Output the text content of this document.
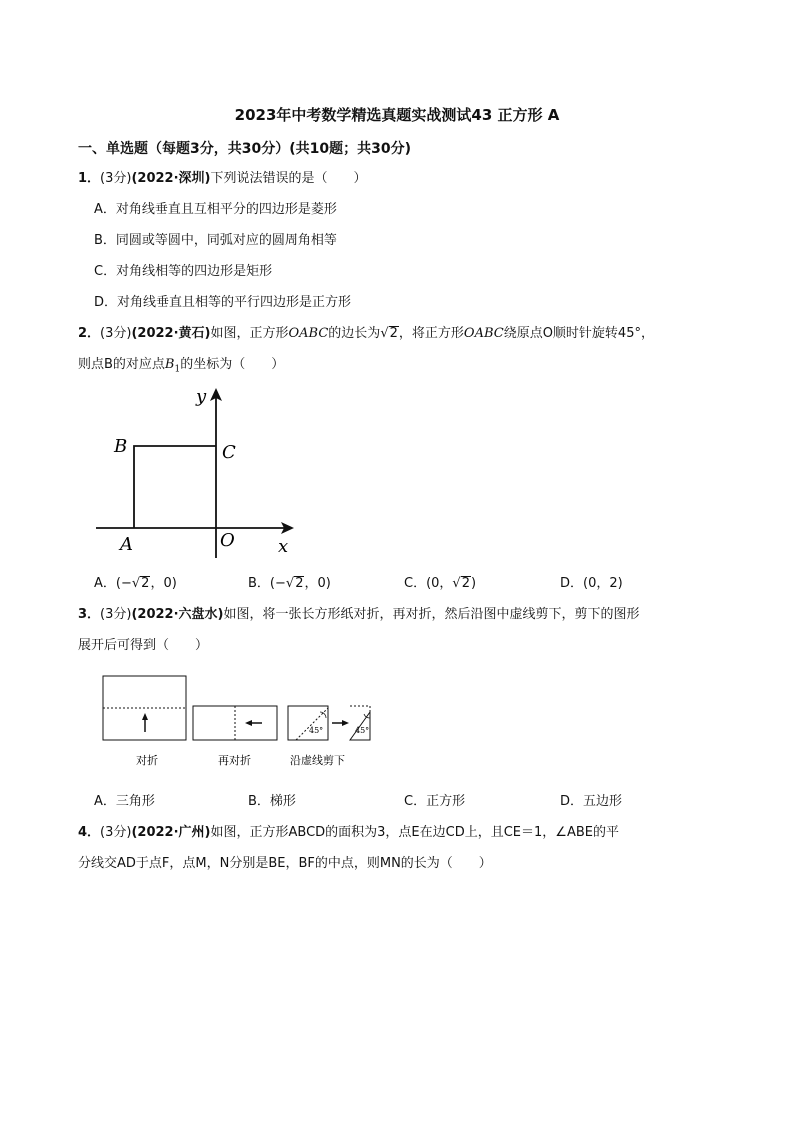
2023年中考数学精选真题实战测试43 正方形 A
一、单选题（每题3分，共30分）(共10题；共30分)
1．(3分)(2022·深圳)下列说法错误的是（　　）
A．对角线垂直且互相平分的四边形是菱形
B．同圆或等圆中，同弧对应的圆周角相等
C．对角线相等的四边形是矩形
D．对角线垂直且相等的平行四边形是正方形
2．(3分)(2022·黄石)如图，正方形OABC的边长为√2，将正方形OABC绕原点O顺时针旋转45°，
则点B的对应点$B_1$的坐标为（　　）
y
x
B	C
A	O
A．(−√2，0)	B．(−√2，0)	C．(0，√2)	D．(0，2)
3．(3分)(2022·六盘水)如图，将一张长方形纸对折，再对折，然后沿图中虚线剪下，剪下的图形
展开后可得到（　　）
45°	45°
对折	再对折	沿虚线剪下
A．三角形	B．梯形	C．正方形	D．五边形
4．(3分)(2022·广州)如图，正方形ABCD的面积为3，点E在边CD上，且CE＝1，∠ABE的平
分线交AD于点F，点M，N分别是BE，BF的中点，则MN的长为（　　）
